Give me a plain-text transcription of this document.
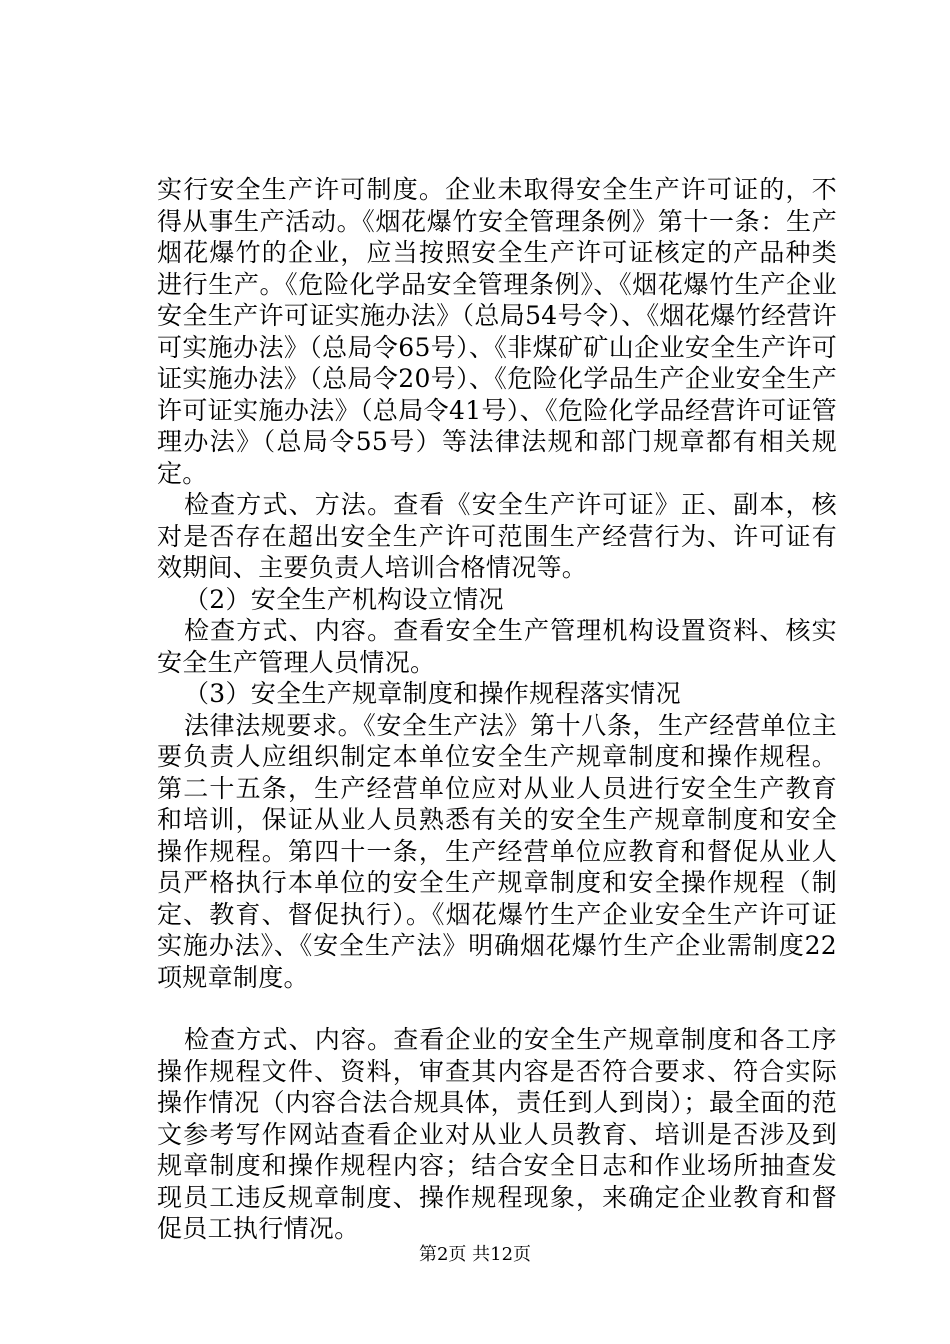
实行安全生产许可制度。企业未取得安全生产许可证的，不得从事生产活动。《烟花爆竹安全管理条例》第十一条：生产烟花爆竹的企业，应当按照安全生产许可证核定的产品种类进行生产。《危险化学品安全管理条例》、《烟花爆竹生产企业安全生产许可证实施办法》（总局54号令）、《烟花爆竹经营许可实施办法》（总局令65号）、《非煤矿矿山企业安全生产许可证实施办法》（总局令20号）、《危险化学品生产企业安全生产许可证实施办法》（总局令41号）、《危险化学品经营许可证管理办法》（总局令55号）等法律法规和部门规章都有相关规定。

检查方式、方法。查看《安全生产许可证》正、副本，核对是否存在超出安全生产许可范围生产经营行为、许可证有效期间、主要负责人培训合格情况等。

（2）安全生产机构设立情况

检查方式、内容。查看安全生产管理机构设置资料、核实安全生产管理人员情况。

（3）安全生产规章制度和操作规程落实情况

法律法规要求。《安全生产法》第十八条，生产经营单位主要负责人应组织制定本单位安全生产规章制度和操作规程。第二十五条，生产经营单位应对从业人员进行安全生产教育和培训，保证从业人员熟悉有关的安全生产规章制度和安全操作规程。第四十一条，生产经营单位应教育和督促从业人员严格执行本单位的安全生产规章制度和安全操作规程（制定、教育、督促执行）。《烟花爆竹生产企业安全生产许可证实施办法》、《安全生产法》明确烟花爆竹生产企业需制度22项规章制度。

检查方式、内容。查看企业的安全生产规章制度和各工序操作规程文件、资料，审查其内容是否符合要求、符合实际操作情况（内容合法合规具体，责任到人到岗）；最全面的范文参考写作网站查看企业对从业人员教育、培训是否涉及到规章制度和操作规程内容；结合安全日志和作业场所抽查发现员工违反规章制度、操作规程现象，来确定企业教育和督促员工执行情况。

第2页 共12页
